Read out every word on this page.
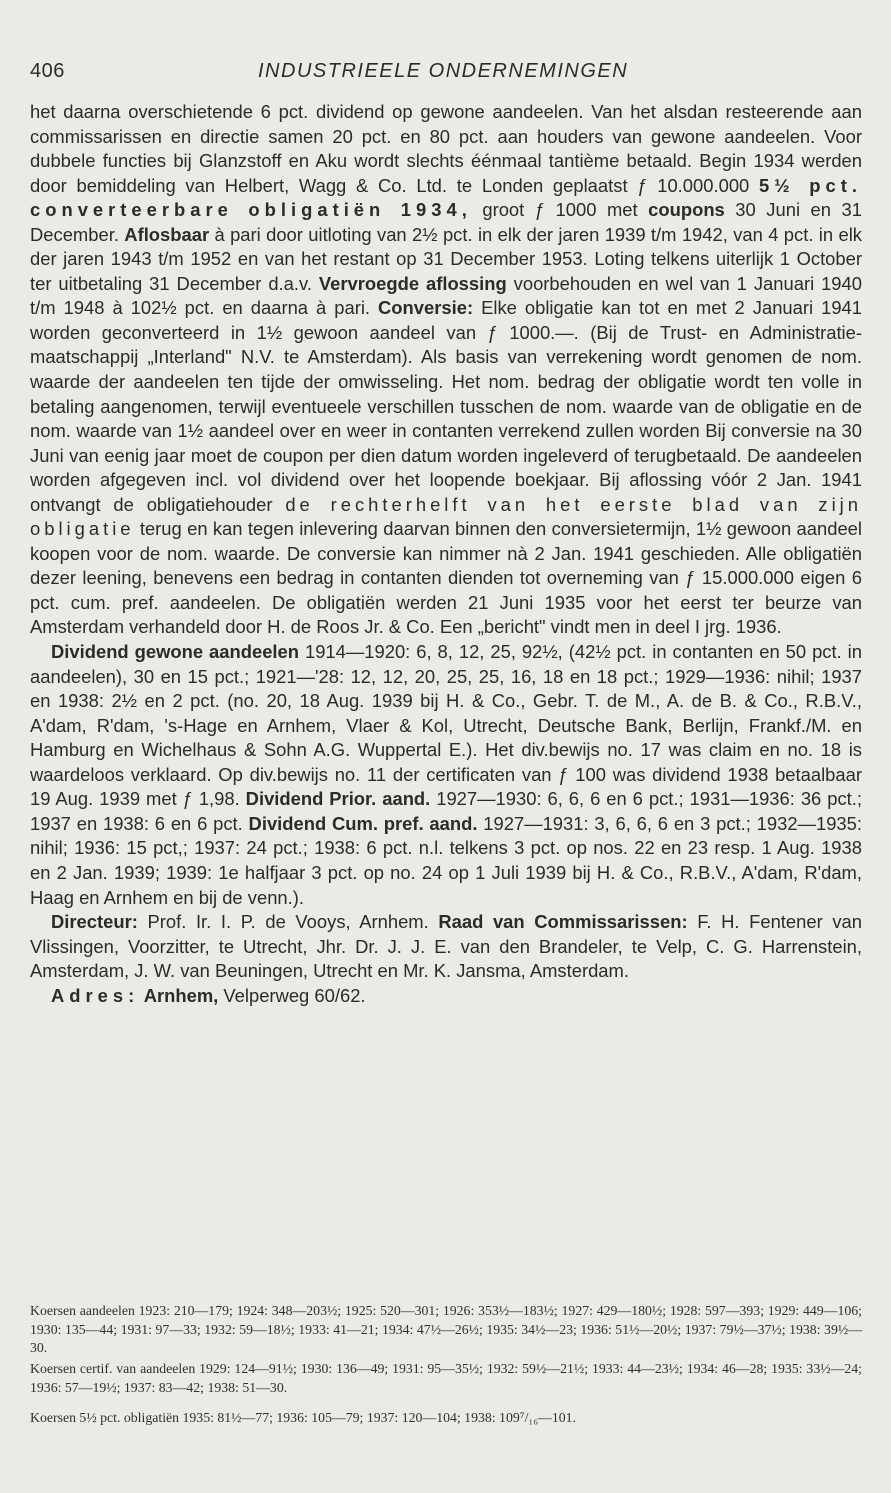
406	INDUSTRIEELE ONDERNEMINGEN

het daarna overschietende 6 pct. dividend op gewone aandeelen. Van het alsdan resteerende aan commissarissen en directie samen 20 pct. en 80 pct. aan houders van gewone aandeelen. Voor dubbele functies bij Glanzstoff en Aku wordt slechts éénmaal tantième betaald. Begin 1934 werden door bemiddeling van Helbert, Wagg & Co. Ltd. te Londen geplaatst ƒ 10.000.000 5½ pct. converteerbare obligatiën 1934, groot ƒ 1000 met coupons 30 Juni en 31 December. Aflosbaar à pari door uitloting van 2½ pct. in elk der jaren 1939 t/m 1942, van 4 pct. in elk der jaren 1943 t/m 1952 en van het restant op 31 December 1953. Loting telkens uiterlijk 1 October ter uitbetaling 31 December d.a.v. Vervroegde aflossing voorbehouden en wel van 1 Januari 1940 t/m 1948 à 102½ pct. en daarna à pari. Conversie: Elke obligatie kan tot en met 2 Januari 1941 worden geconverteerd in 1½ gewoon aandeel van ƒ 1000.—. (Bij de Trust- en Administratie-maatschappij „Interland" N.V. te Amsterdam). Als basis van verrekening wordt genomen de nom. waarde der aandeelen ten tijde der omwisseling. Het nom. bedrag der obligatie wordt ten volle in betaling aangenomen, terwijl eventueele verschillen tusschen de nom. waarde van de obligatie en de nom. waarde van 1½ aandeel over en weer in contanten verrekend zullen worden Bij conversie na 30 Juni van eenig jaar moet de coupon per dien datum worden ingeleverd of terugbetaald. De aandeelen worden afgegeven incl. vol dividend over het loopende boekjaar. Bij aflossing vóór 2 Jan. 1941 ontvangt de obligatiehouder de rechterhelft van het eerste blad van zijn obligatie terug en kan tegen inlevering daarvan binnen den conversietermijn, 1½ gewoon aandeel koopen voor de nom. waarde. De conversie kan nimmer nà 2 Jan. 1941 geschieden. Alle obligatiën dezer leening, benevens een bedrag in contanten dienden tot overneming van ƒ 15.000.000 eigen 6 pct. cum. pref. aandeelen. De obligatiën werden 21 Juni 1935 voor het eerst ter beurze van Amsterdam verhandeld door H. de Roos Jr. & Co. Een „bericht" vindt men in deel I jrg. 1936.

Dividend gewone aandeelen 1914—1920: 6, 8, 12, 25, 92½, (42½ pct. in contanten en 50 pct. in aandeelen), 30 en 15 pct.; 1921—'28: 12, 12, 20, 25, 25, 16, 18 en 18 pct.; 1929—1936: nihil; 1937 en 1938: 2½ en 2 pct. (no. 20, 18 Aug. 1939 bij H. & Co., Gebr. T. de M., A. de B. & Co., R.B.V., A'dam, R'dam, 's-Hage en Arnhem, Vlaer & Kol, Utrecht, Deutsche Bank, Berlijn, Frankf./M. en Hamburg en Wichelhaus & Sohn A.G. Wuppertal E.). Het div.bewijs no. 17 was claim en no. 18 is waardeloos verklaard. Op div.bewijs no. 11 der certificaten van ƒ 100 was dividend 1938 betaalbaar 19 Aug. 1939 met ƒ 1,98. Dividend Prior. aand. 1927—1930: 6, 6, 6 en 6 pct.; 1931—1936: 36 pct.; 1937 en 1938: 6 en 6 pct. Dividend Cum. pref. aand. 1927—1931: 3, 6, 6, 6 en 3 pct.; 1932—1935: nihil; 1936: 15 pct,; 1937: 24 pct.; 1938: 6 pct. n.l. telkens 3 pct. op nos. 22 en 23 resp. 1 Aug. 1938 en 2 Jan. 1939; 1939: 1e halfjaar 3 pct. op no. 24 op 1 Juli 1939 bij H. & Co., R.B.V., A'dam, R'dam, Haag en Arnhem en bij de venn.).

Directeur: Prof. Ir. I. P. de Vooys, Arnhem. Raad van Commissarissen: F. H. Fentener van Vlissingen, Voorzitter, te Utrecht, Jhr. Dr. J. J. E. van den Brandeler, te Velp, C. G. Harrenstein, Amsterdam, J. W. van Beuningen, Utrecht en Mr. K. Jansma, Amsterdam.

Adres: Arnhem, Velperweg 60/62.

Koersen aandeelen 1923: 210—179; 1924: 348—203½; 1925: 520—301; 1926: 353½—183½; 1927: 429—180½; 1928: 597—393; 1929: 449—106; 1930: 135—44; 1931: 97—33; 1932: 59—18½; 1933: 41—21; 1934: 47½—26½; 1935: 34½—23; 1936: 51½—20½; 1937: 79½—37½; 1938: 39½—30.

Koersen certif. van aandeelen 1929: 124—91½; 1930: 136—49; 1931: 95—35½; 1932: 59½—21½; 1933: 44—23½; 1934: 46—28; 1935: 33½—24; 1936: 57—19½; 1937: 83—42; 1938: 51—30.

Koersen 5½ pct. obligatiën 1935: 81½—77; 1936: 105—79; 1937: 120—104; 1938: 109⁷/₁₆—101.
